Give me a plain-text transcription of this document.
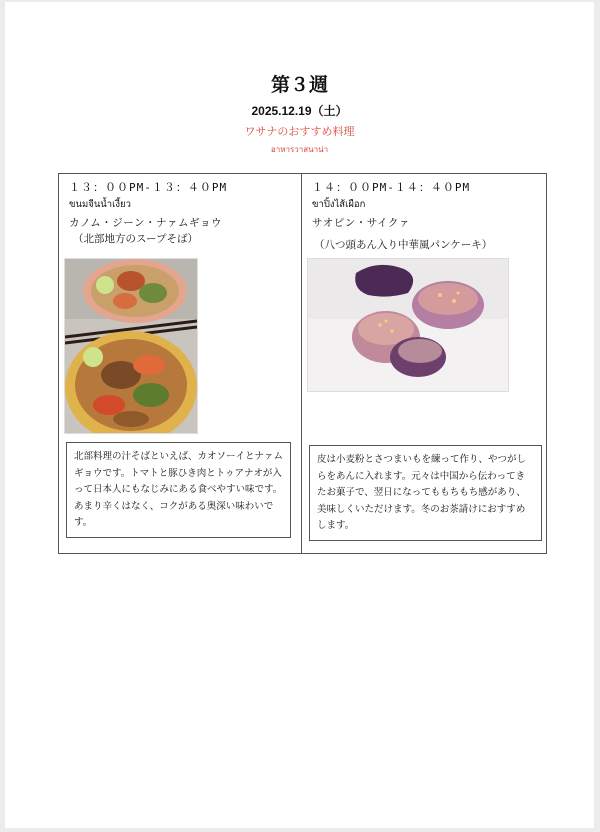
第３週
2025.12.19（土）
ワサナのおすすめ料理
อาหารวาสนาน่า
１３：００PM-１３：４０PM
ขนมจีนน้ำเงี้ยว
カノム・ジーン・ナァムギョウ
（北部地方のスープそば）
北部料理の汁そばといえば、カオソーイとナァムギョウです。トマトと豚ひき肉とトゥアナオが入って日本人にもなじみにある食べやすい味です。あまり辛くはなく、コクがある奥深い味わいです。
１４：００PM-１４：４０PM
ขาปิ้งไส้เผือก
サオピン・サイクァ
（八つ頭あん入り中華風パンケーキ）
皮は小麦粉とさつまいもを練って作り、やつがしらをあんに入れます。元々は中国から伝わってきたお菓子で、翌日になってももちもち感があり、美味しくいただけます。冬のお茶請けにおすすめします。
